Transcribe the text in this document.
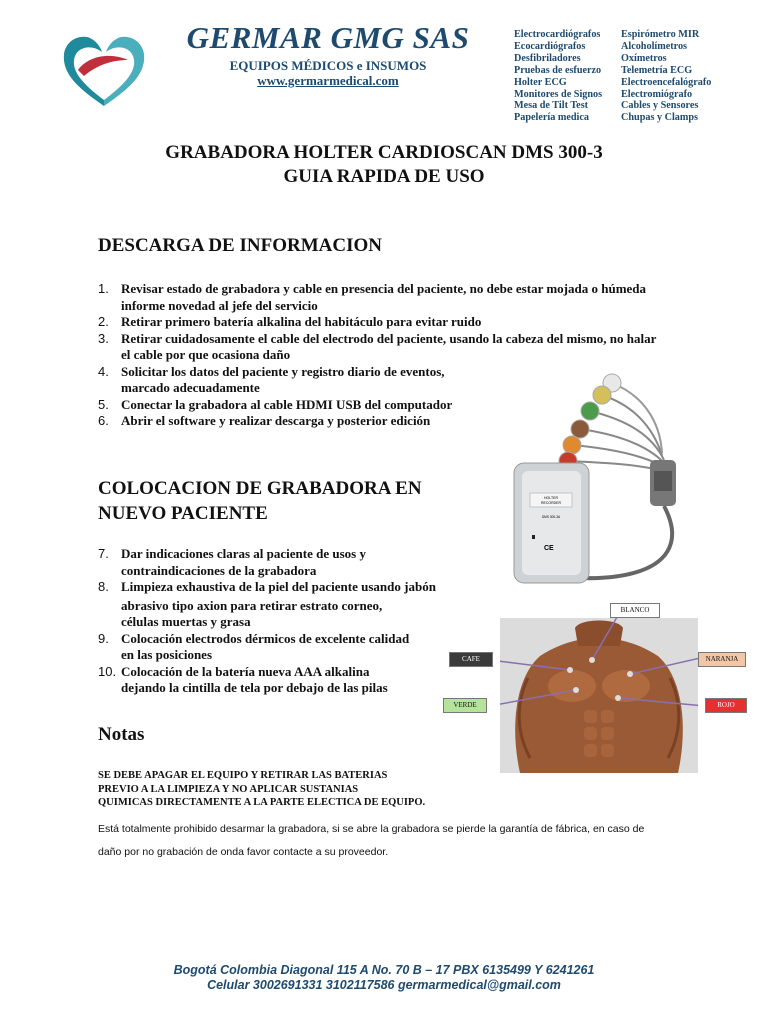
GERMAR GMG SAS
EQUIPOS MÉDICOS e INSUMOS
www.germarmedical.com
Electrocardiógrafos
Ecocardiógrafos
Desfibriladores
Pruebas de esfuerzo
Holter ECG
Monitores de Signos
Mesa de Tilt Test
Papelería medica
Espirómetro MIR
Alcoholímetros
Oxímetros
Telemetría ECG
Electroencefalógrafo
Electromiógrafo
Cables y Sensores
Chupas y Clamps
GRABADORA HOLTER CARDIOSCAN DMS 300-3
GUIA RAPIDA DE USO
DESCARGA DE INFORMACION
1. Revisar estado de grabadora y cable en presencia del paciente, no debe estar mojada o húmeda
informe novedad al jefe del servicio
2. Retirar primero batería alkalina del habitáculo para evitar ruido
3. Retirar cuidadosamente el cable del electrodo del paciente, usando la cabeza del mismo, no halar
el cable por que ocasiona daño
4. Solicitar los datos del paciente y registro diario de eventos,
marcado adecuadamente
5. Conectar la grabadora al cable HDMI USB del computador
6. Abrir el software y realizar descarga y posterior edición
HOLTER
RECORDER
DMS 300-3A
CE
COLOCACION DE GRABADORA EN
NUEVO PACIENTE
7. Dar indicaciones claras al paciente de usos y
contraindicaciones de la grabadora
8. Limpieza exhaustiva de la piel del paciente usando jabón
abrasivo tipo axion para retirar estrato corneo,
células muertas y grasa
9. Colocación electrodos dérmicos de excelente calidad
en las posiciones
10. Colocación de la batería nueva AAA alkalina
dejando la cintilla de tela por debajo de las pilas
BLANCO
CAFE	NARANJA
VERDE	ROJO
Notas
SE DEBE APAGAR EL EQUIPO Y RETIRAR LAS BATERIAS
PREVIO A LA LIMPIEZA Y NO APLICAR SUSTANIAS
QUIMICAS DIRECTAMENTE A LA PARTE ELECTICA DE EQUIPO.
Está totalmente prohibido desarmar la grabadora, si se abre la grabadora se pierde la garantía de fábrica, en caso de
daño por no grabación de onda favor contacte a su proveedor.
Bogotá Colombia Diagonal 115 A No. 70 B – 17 PBX 6135499 Y 6241261
Celular 3002691331 3102117586 germarmedical@gmail.com
